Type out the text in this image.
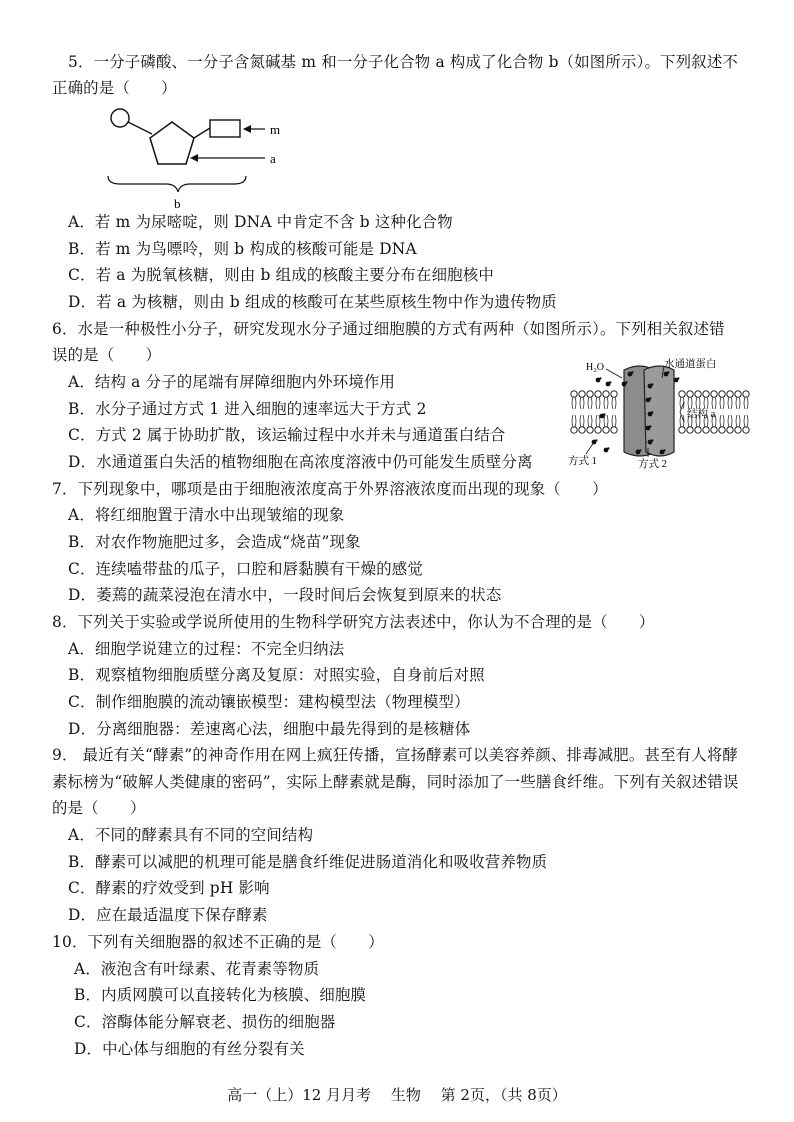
5．一分子磷酸、一分子含氮碱基 m 和一分子化合物 a 构成了化合物 b（如图所示）。下列叙述不
正确的是（　　）
m
a
b
A．若 m 为尿嘧啶，则 DNA 中肯定不含 b 这种化合物
B．若 m 为鸟嘌呤，则 b 构成的核酸可能是 DNA
C．若 a 为脱氧核糖，则由 b 组成的核酸主要分布在细胞核中
D．若 a 为核糖，则由 b 组成的核酸可在某些原核生物中作为遗传物质
6．水是一种极性小分子，研究发现水分子通过细胞膜的方式有两种（如图所示）。下列相关叙述错
误的是（　　）
A．结构 a 分子的尾端有屏障细胞内外环境作用
B．水分子通过方式 1 进入细胞的速率远大于方式 2
C．方式 2 属于协助扩散，该运输过程中水并未与通道蛋白结合
D．水通道蛋白失活的植物细胞在高浓度溶液中仍可能发生质壁分离
H₂O	水通道蛋白
结构 a
方式 1	方式 2
7．下列现象中，哪项是由于细胞液浓度高于外界溶液浓度而出现的现象（　　）
A．将红细胞置于清水中出现皱缩的现象
B．对农作物施肥过多，会造成“烧苗”现象
C．连续嗑带盐的瓜子，口腔和唇黏膜有干燥的感觉
D．萎蔫的蔬菜浸泡在清水中，一段时间后会恢复到原来的状态
8．下列关于实验或学说所使用的生物科学研究方法表述中，你认为不合理的是（　　）
A．细胞学说建立的过程：不完全归纳法
B．观察植物细胞质壁分离及复原：对照实验，自身前后对照
C．制作细胞膜的流动镶嵌模型：建构模型法（物理模型）
D．分离细胞器：差速离心法，细胞中最先得到的是核糖体
9． 最近有关“酵素”的神奇作用在网上疯狂传播，宣扬酵素可以美容养颜、排毒减肥。甚至有人将酵
素标榜为“破解人类健康的密码”，实际上酵素就是酶，同时添加了一些膳食纤维。下列有关叙述错误
的是（　　）
A．不同的酵素具有不同的空间结构
B．酵素可以减肥的机理可能是膳食纤维促进肠道消化和吸收营养物质
C．酵素的疗效受到 pH 影响
D．应在最适温度下保存酵素
10．下列有关细胞器的叙述不正确的是（　　）
A．液泡含有叶绿素、花青素等物质
B．内质网膜可以直接转化为核膜、细胞膜
C．溶酶体能分解衰老、损伤的细胞器
D．中心体与细胞的有丝分裂有关
高一（上）12 月月考　 生物　 第 2页，（共 8页）
